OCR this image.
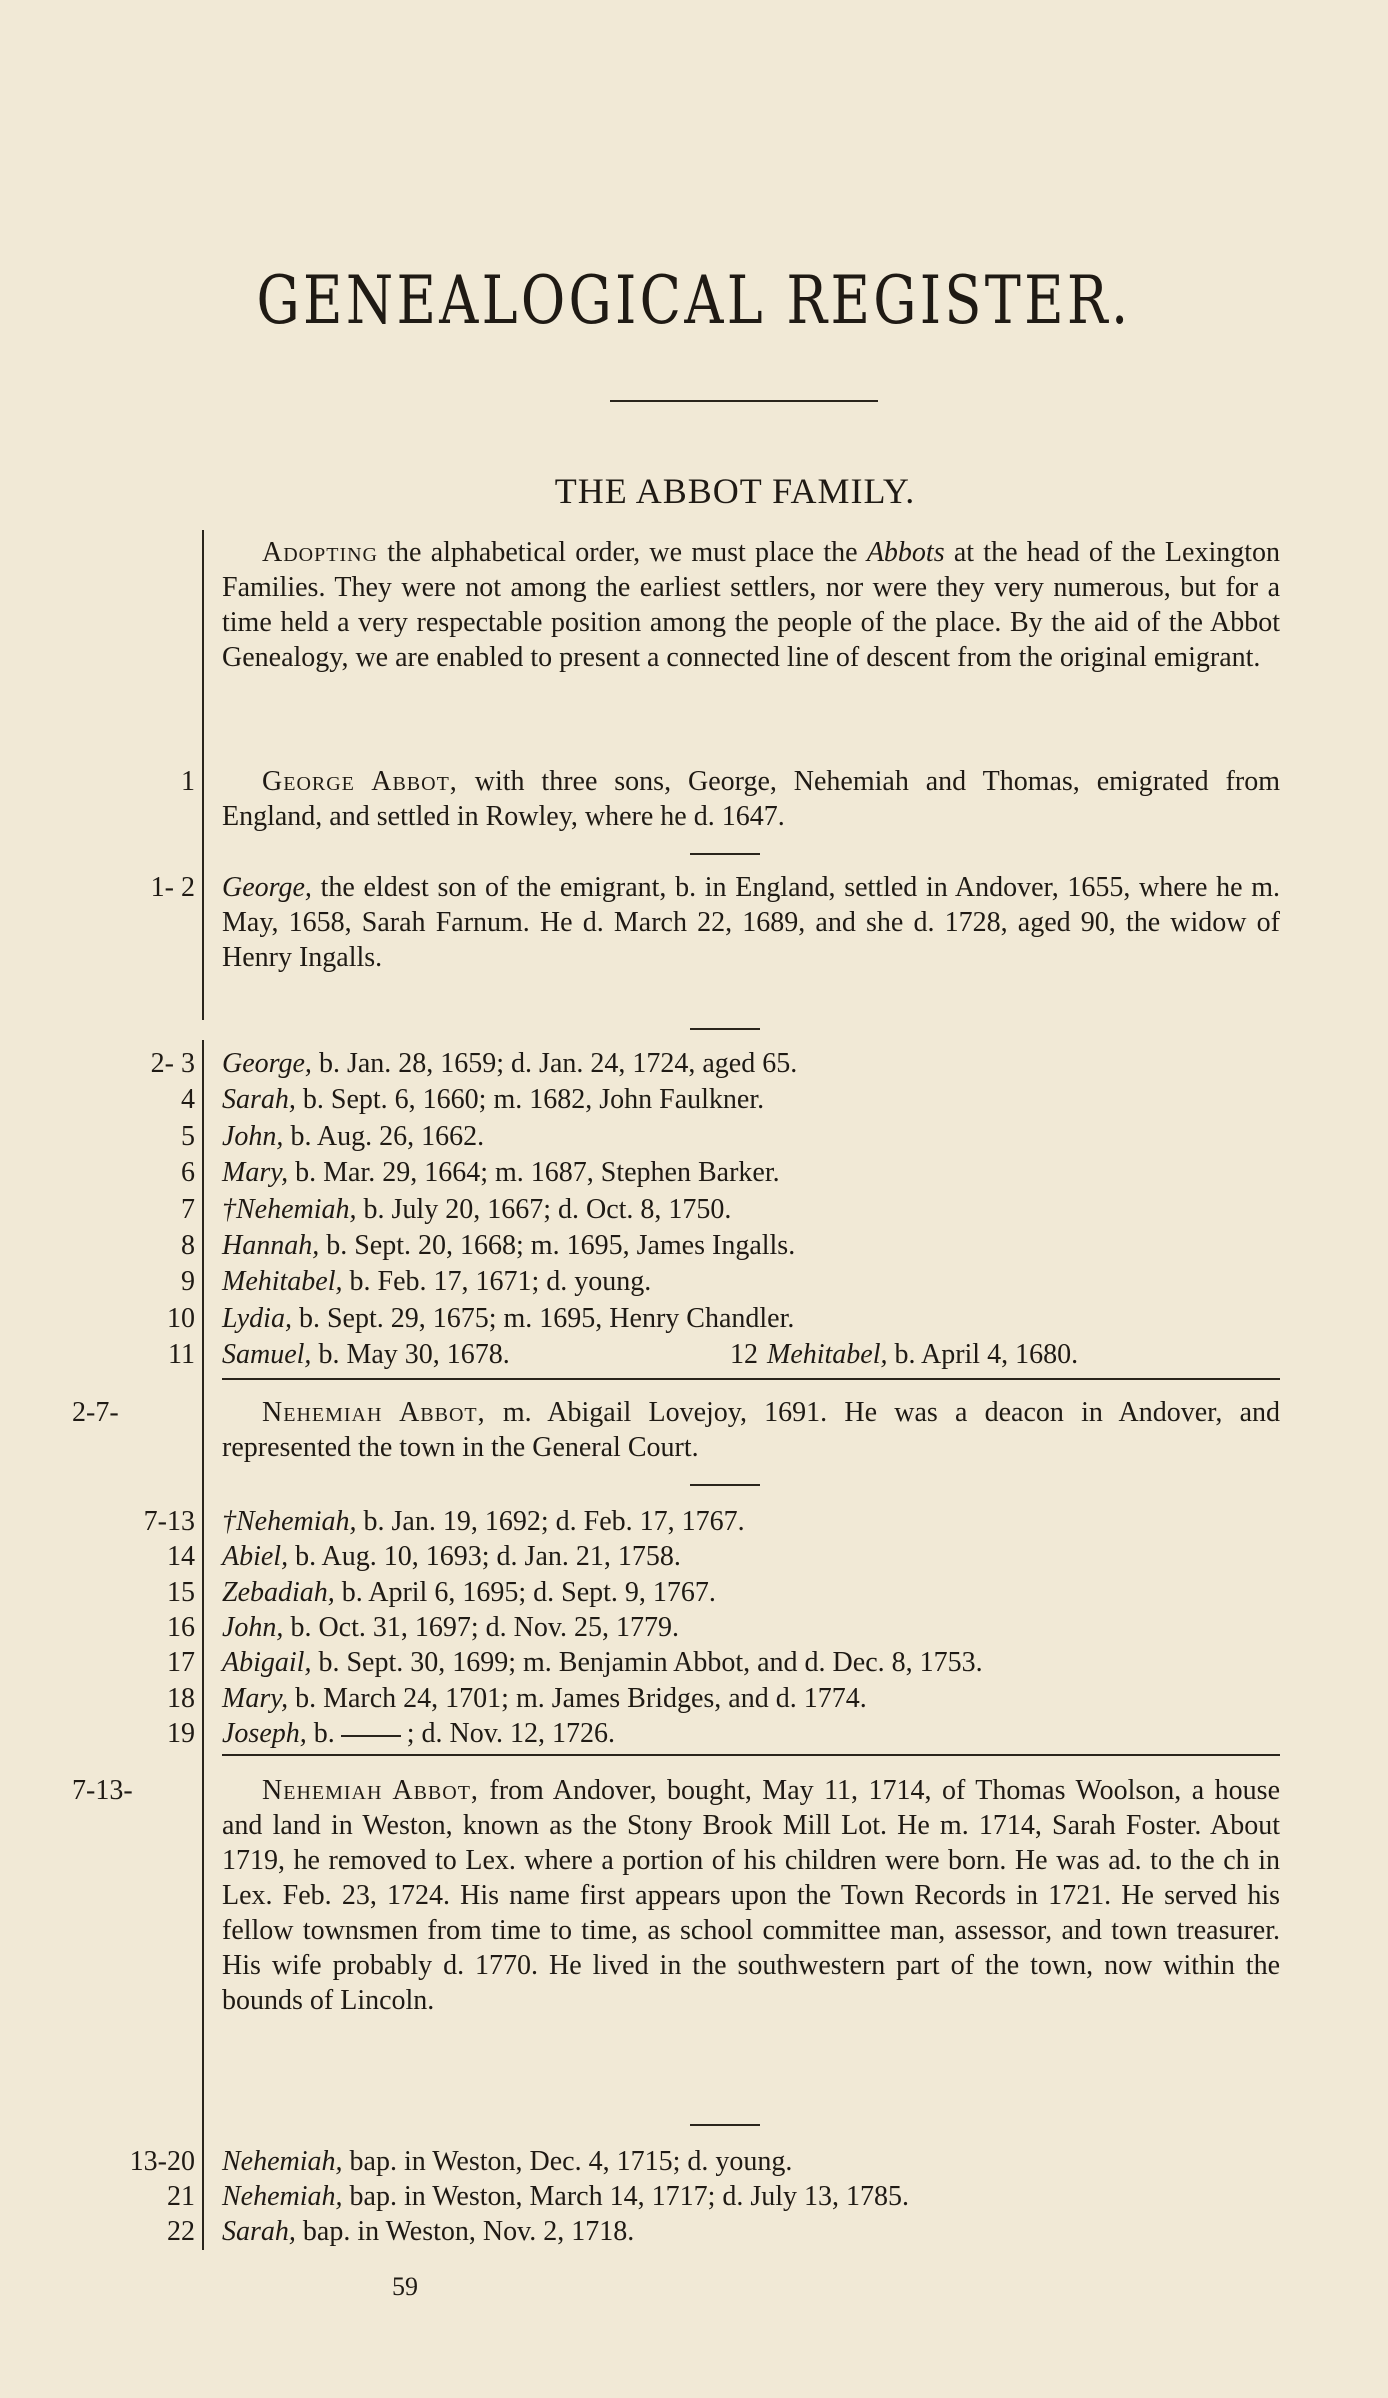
GENEALOGICAL REGISTER.
THE ABBOT FAMILY.
Adopting the alphabetical order, we must place the Abbots at the head of the Lexington Families. They were not among the earliest settlers, nor were they very numerous, but for a time held a very respectable position among the people of the place. By the aid of the Abbot Genealogy, we are enabled to present a connected line of descent from the original emigrant.
1	George Abbot, with three sons, George, Nehemiah and Thomas, emigrated from England, and settled in Rowley, where he d. 1647.
1- 2 George, the eldest son of the emigrant, b. in England, settled in Andover, 1655, where he m. May, 1658, Sarah Farnum. He d. March 22, 1689, and she d. 1728, aged 90, the widow of Henry Ingalls.
2- 3 George, b. Jan. 28, 1659; d. Jan. 24, 1724, aged 65.
4 Sarah, b. Sept. 6, 1660; m. 1682, John Faulkner.
5 John, b. Aug. 26, 1662.
6 Mary, b. Mar. 29, 1664; m. 1687, Stephen Barker.
7 †Nehemiah, b. July 20, 1667; d. Oct. 8, 1750.
8 Hannah, b. Sept. 20, 1668; m. 1695, James Ingalls.
9 Mehitabel, b. Feb. 17, 1671; d. young.
10 Lydia, b. Sept. 29, 1675; m. 1695, Henry Chandler.
11 Samuel, b. May 30, 1678.	12 Mehitabel, b. April 4, 1680.
2-7-	Nehemiah Abbot, m. Abigail Lovejoy, 1691. He was a deacon in Andover, and represented the town in the General Court.
7-13 †Nehemiah, b. Jan. 19, 1692; d. Feb. 17, 1767.
14 Abiel, b. Aug. 10, 1693; d. Jan. 21, 1758.
15 Zebadiah, b. April 6, 1695; d. Sept. 9, 1767.
16 John, b. Oct. 31, 1697; d. Nov. 25, 1779.
17 Abigail, b. Sept. 30, 1699; m. Benjamin Abbot, and d. Dec. 8, 1753.
18 Mary, b. March 24, 1701; m. James Bridges, and d. 1774.
19 Joseph, b.	; d. Nov. 12, 1726.
7-13-	Nehemiah Abbot, from Andover, bought, May 11, 1714, of Thomas Woolson, a house and land in Weston, known as the Stony Brook Mill Lot. He m. 1714, Sarah Foster. About 1719, he removed to Lex. where a portion of his children were born. He was ad. to the ch in Lex. Feb. 23, 1724. His name first appears upon the Town Records in 1721. He served his fellow townsmen from time to time, as school committee man, assessor, and town treasurer. His wife probably d. 1770. He lived in the southwestern part of the town, now within the bounds of Lincoln.
13-20 Nehemiah, bap. in Weston, Dec. 4, 1715; d. young.
21 Nehemiah, bap. in Weston, March 14, 1717; d. July 13, 1785.
22 Sarah, bap. in Weston, Nov. 2, 1718.
59
